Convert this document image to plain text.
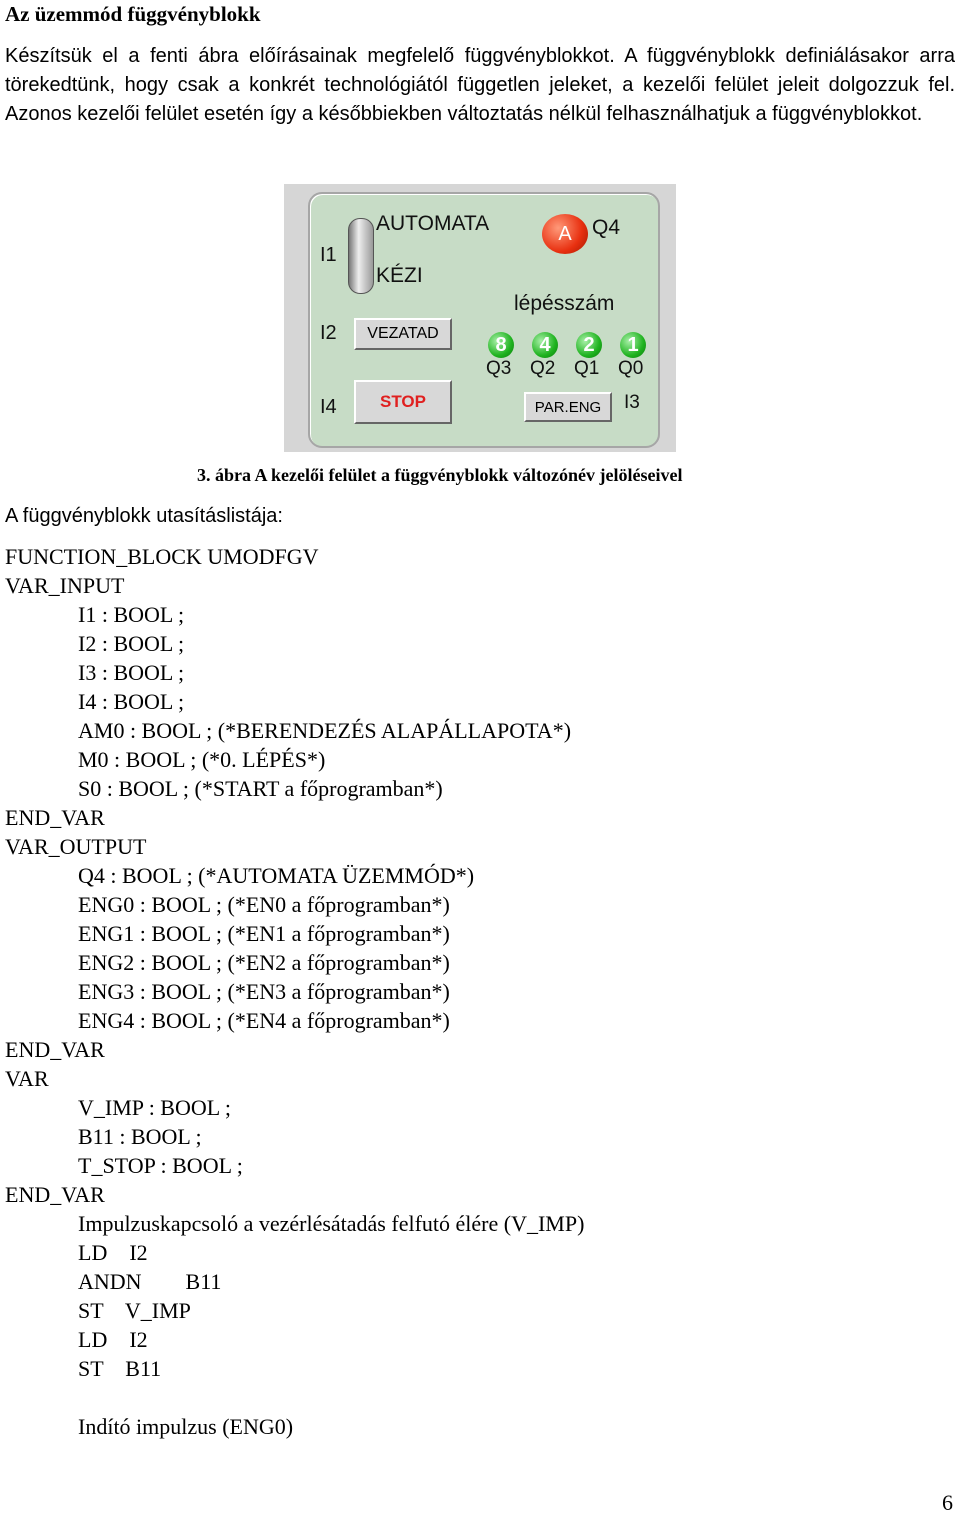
Az üzemmód függvényblokk

Készítsük el a fenti ábra előírásainak megfelelő függvényblokkot. A függvényblokk definiálásakor arra törekedtünk, hogy csak a konkrét technológiától független jeleket, a kezelői felület jeleit dolgozzuk fel. Azonos kezelői felület esetén így a későbbiekben változtatás nélkül felhasználhatjuk a függvényblokkot.

AUTOMATA
KÉZI
I1
I2	VEZATAD
I4	STOP
A Q4
lépésszám
8	4	2	1
Q3 Q2 Q1 Q0
PAR.ENG	I3
3. ábra A kezelői felület a függvényblokk változónév jelöléseivel
A függvényblokk utasításlistája:
FUNCTION_BLOCK UMODFGV
VAR_INPUT
I1 : BOOL ;
I2 : BOOL ;
I3 : BOOL ;
I4 : BOOL ;
AM0 : BOOL ; (*BERENDEZÉS ALAPÁLLAPOTA*)
M0 : BOOL ; (*0. LÉPÉS*)
S0 : BOOL ; (*START a főprogramban*)
END_VAR
VAR_OUTPUT
Q4 : BOOL ; (*AUTOMATA ÜZEMMÓD*)
ENG0 : BOOL ; (*EN0 a főprogramban*)
ENG1 : BOOL ; (*EN1 a főprogramban*)
ENG2 : BOOL ; (*EN2 a főprogramban*)
ENG3 : BOOL ; (*EN3 a főprogramban*)
ENG4 : BOOL ; (*EN4 a főprogramban*)
END_VAR
VAR
V_IMP : BOOL ;
B11 : BOOL ;
T_STOP : BOOL ;
END_VAR
Impulzuskapcsoló a vezérlésátadás felfutó élére (V_IMP)
LD    I2
ANDN        B11
ST    V_IMP
LD    I2
ST    B11
Indító impulzus (ENG0)
6
